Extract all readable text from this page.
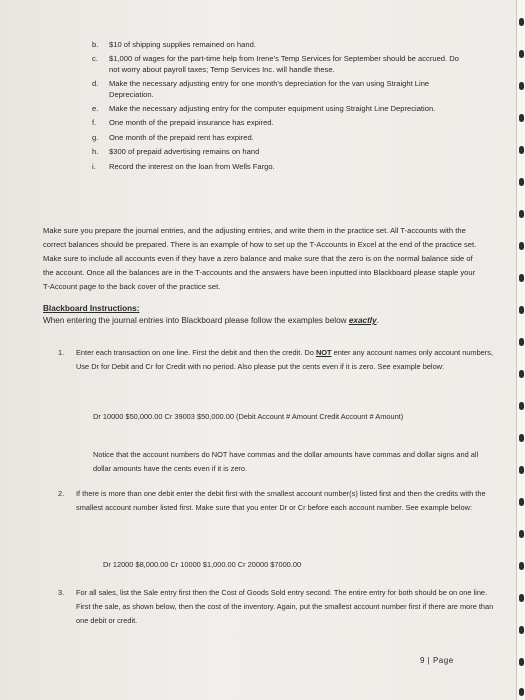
b. $10 of shipping supplies remained on hand.
c. $1,000 of wages for the part-time help from Irene's Temp Services for September should be accrued. Do not worry about payroll taxes; Temp Services Inc. will handle these.
d. Make the necessary adjusting entry for one month's depreciation for the van using Straight Line Depreciation.
e. Make the necessary adjusting entry for the computer equipment using Straight Line Depreciation.
f. One month of the prepaid insurance has expired.
g. One month of the prepaid rent has expired.
h. $300 of prepaid advertising remains on hand
i. Record the interest on the loan from Wells Fargo.
Make sure you prepare the journal entries, and the adjusting entries, and write them in the practice set. All T-accounts with the correct balances should be prepared. There is an example of how to set up the T-Accounts in Excel at the end of the practice set. Make sure to include all accounts even if they have a zero balance and make sure that the zero is on the normal balance side of the account. Once all the balances are in the T-accounts and the answers have been inputted into Blackboard please staple your T-Account page to the back cover of the practice set.
Blackboard Instructions:
When entering the journal entries into Blackboard please follow the examples below exactly.
1. Enter each transaction on one line. First the debit and then the credit. Do NOT enter any account names only account numbers, Use Dr for Debit and Cr for Credit with no period. Also please put the cents even if it is zero. See example below:
Dr 10000 $50,000.00 Cr 39003 $50,000.00 (Debit Account # Amount Credit Account # Amount)
Notice that the account numbers do NOT have commas and the dollar amounts have commas and dollar signs and all dollar amounts have the cents even if it is zero.
2. If there is more than one debit enter the debit first with the smallest account number(s) listed first and then the credits with the smallest account number listed first. Make sure that you enter Dr or Cr before each account number. See example below:
Dr 12000 $8,000.00 Cr 10000 $1,000.00 Cr 20000 $7000.00
3. For all sales, list the Sale entry first then the Cost of Goods Sold entry second. The entire entry for both should be on one line. First the sale, as shown below, then the cost of the inventory. Again, put the smallest account number first if there are more than one debit or credit.
9 | Page
